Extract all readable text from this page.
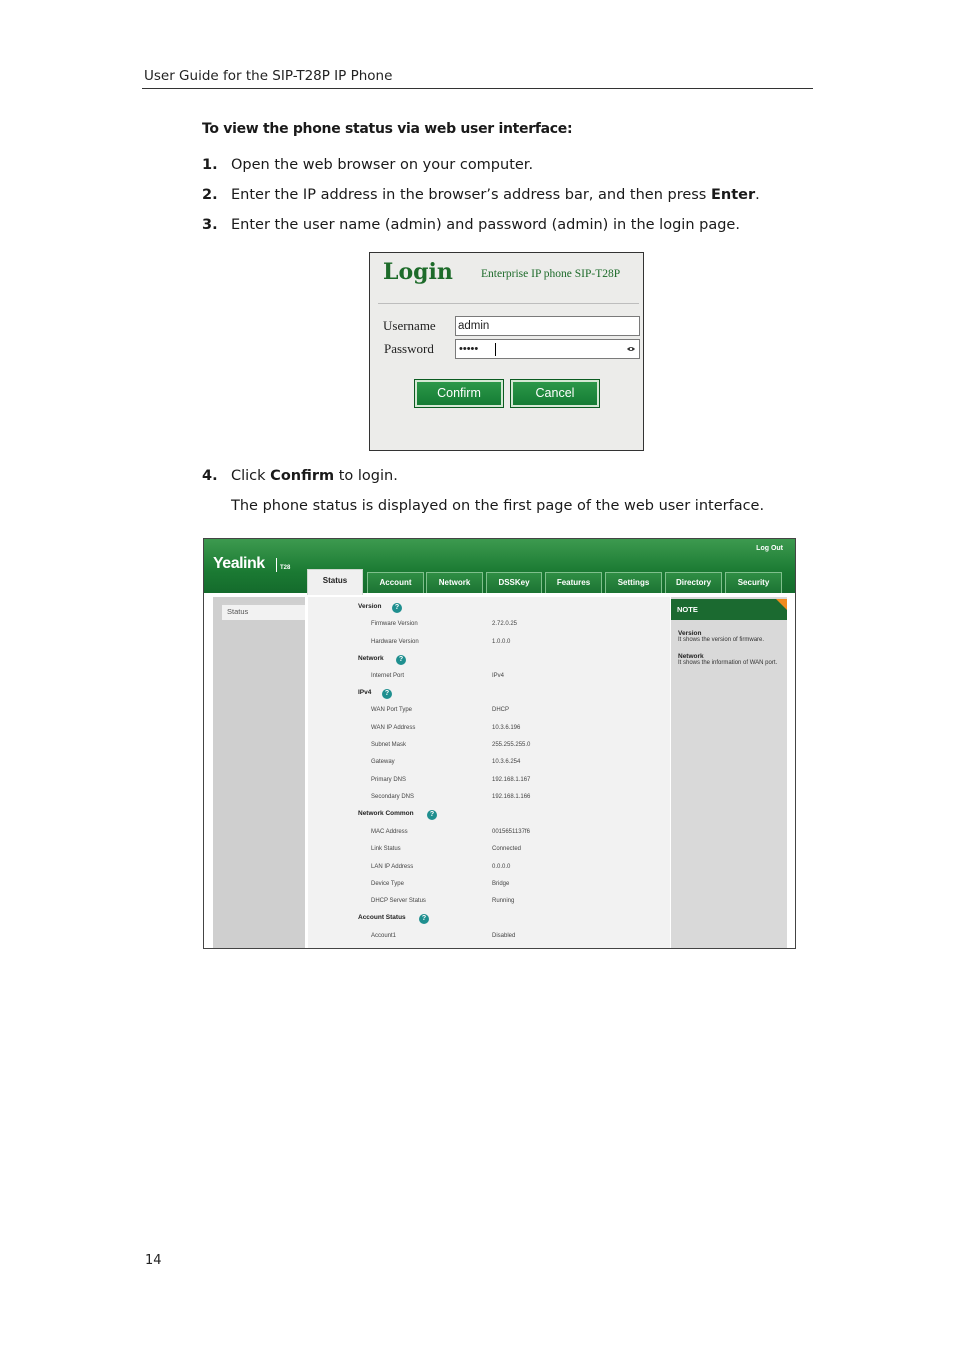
User Guide for the SIP-T28P IP Phone
To view the phone status via web user interface:
1. Open the web browser on your computer.
2. Enter the IP address in the browser’s address bar, and then press Enter.
3. Enter the user name (admin) and password (admin) in the login page.
Login Enterprise IP phone SIP-T28P
Username admin
Password •••••
Confirm	Cancel
4. Click Confirm to login.
The phone status is displayed on the first page of the web user interface.
Yealink	T28
Log Out
Status	Account	Network	DSSKey	Features	Settings	Directory	Security
Status	NOTE
Version
It shows the version of firmware.
Network
It shows the information of WAN port.
Version	?
Firmware Version	2.72.0.25
Hardware Version	1.0.0.0
Network	?
Internet Port	IPv4
IPv4	?
WAN Port Type	DHCP
WAN IP Address	10.3.6.196
Subnet Mask	255.255.255.0
Gateway	10.3.6.254
Primary DNS	192.168.1.167
Secondary DNS	192.168.1.166
Network Common	?
MAC Address	0015651137f6
Link Status	Connected
LAN IP Address	0.0.0.0
Device Type	Bridge
DHCP Server Status	Running
Account Status	?
Account1	Disabled
14
